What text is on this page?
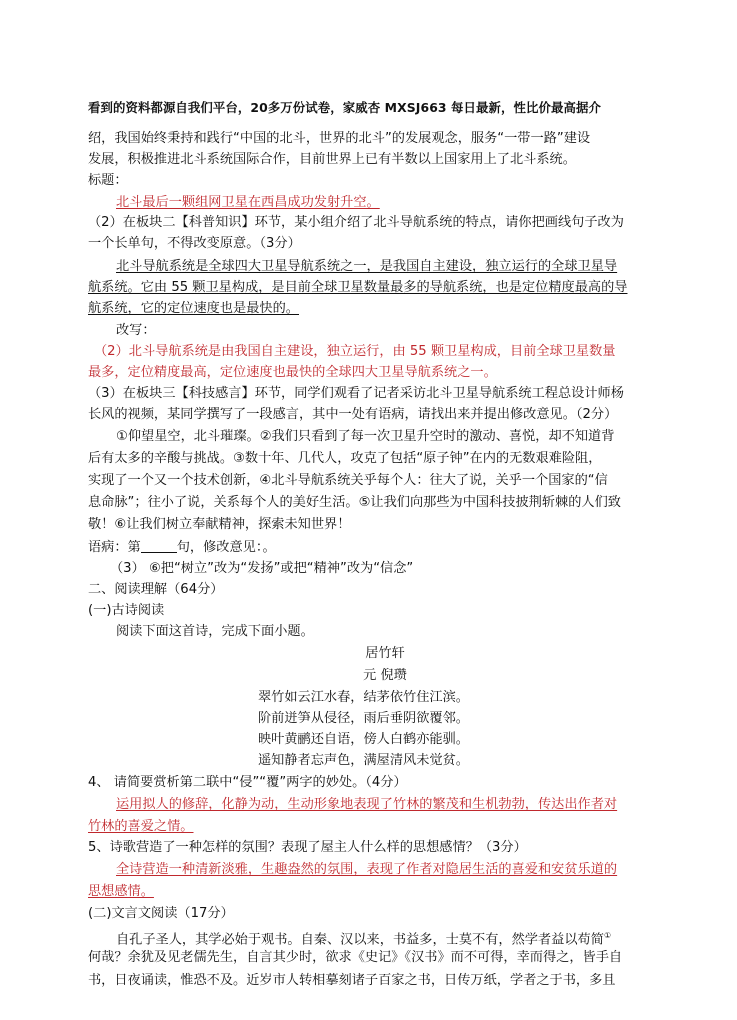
看到的资料都源自我们平台，20多万份试卷，家威杏 MXSJ663 每日最新，性比价最高据介
绍，我国始终秉持和践行“中国的北斗，世界的北斗”的发展观念，服务“一带一路”建设
发展，积极推进北斗系统国际合作，目前世界上已有半数以上国家用上了北斗系统。
标题：
北斗最后一颗组网卫星在西昌成功发射升空。
（2）在板块二【科普知识】环节，某小组介绍了北斗导航系统的特点，请你把画线句子改为
一个长单句，不得改变原意。（3分）
北斗导航系统是全球四大卫星导航系统之一，是我国自主建设，独立运行的全球卫星导
航系统。它由 55 颗卫星构成，是目前全球卫星数量最多的导航系统，也是定位精度最高的导
航系统，它的定位速度也是最快的。
改写：
（2）北斗导航系统是由我国自主建设，独立运行，由 55 颗卫星构成，目前全球卫星数量
最多，定位精度最高，定位速度也最快的全球四大卫星导航系统之一。
（3）在板块三【科技感言】环节，同学们观看了记者采访北斗卫星导航系统工程总设计师杨
长风的视频，某同学撰写了一段感言，其中一处有语病，请找出来并提出修改意见。（2分）
①仰望星空，北斗璀璨。②我们只看到了每一次卫星升空时的激动、喜悦，却不知道背
后有太多的辛酸与挑战。③数十年、几代人，攻克了包括“原子钟”在内的无数艰难险阻，
实现了一个又一个技术创新，④北斗导航系统关乎每个人：往大了说，关乎一个国家的“信
息命脉”；往小了说，关系每个人的美好生活。⑤让我们向那些为中国科技披荆斩棘的人们致
敬！⑥让我们树立奉献精神，探索未知世界！
语病：第	句，修改意见：。
（3） ⑥把“树立”改为“发扬”或把“精神”改为“信念”
二、阅读理解（64分）
(一)古诗阅读
阅读下面这首诗，完成下面小题。
居竹轩
元 倪瓒
翠竹如云江水春，结茅依竹住江滨。
阶前迸笋从侵径，雨后垂阴欲覆邻。
映叶黄鹂还自语，傍人白鹤亦能驯。
遥知静者忘声色，满屋清风未觉贫。
4、 请简要赏析第二联中“侵”“覆”两字的妙处。（4分）
运用拟人的修辞，化静为动，生动形象地表现了竹林的繁茂和生机勃勃，传达出作者对
竹林的喜爱之情。
5、诗歌营造了一种怎样的氛围？表现了屋主人什么样的思想感情？（3分）
全诗营造一种清新淡雅，生趣盎然的氛围，表现了作者对隐居生活的喜爱和安贫乐道的
思想感情。
(二)文言文阅读（17分）
自孔子圣人，其学必始于观书。自秦、汉以来，书益多，士莫不有，然学者益以苟简①
何哉？余犹及见老儒先生，自言其少时，欲求《史记》《汉书》而不可得，幸而得之，皆手自
书，日夜诵读，惟恐不及。近岁市人转相摹刻诸子百家之书，日传万纸，学者之于书，多且
